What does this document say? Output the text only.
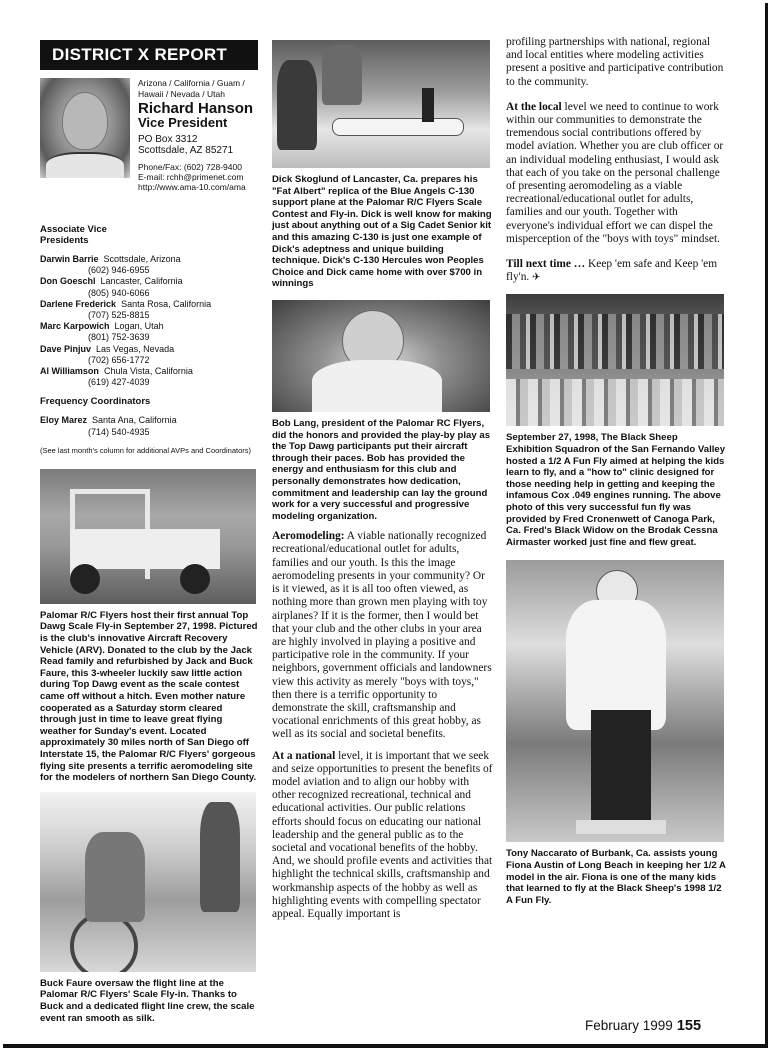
DISTRICT X REPORT
Arizona / California / Guam / Hawaii / Nevada / Utah
Richard Hanson
Vice President
PO Box 3312
Scottsdale, AZ 85271
Phone/Fax: (602) 728-9400
E-mail: rchh@primenet.com
http://www.ama-10.com/ama
Associate Vice Presidents
Darwin Barrie Scottsdale, Arizona
(602) 946-6955
Don Goeschl Lancaster, California
(805) 940-6066
Darlene Frederick Santa Rosa, California
(707) 525-8815
Marc Karpowich Logan, Utah
(801) 752-3639
Dave Pinjuv Las Vegas, Nevada
(702) 656-1772
Al Williamson Chula Vista, California
(619) 427-4039
Frequency Coordinators
Eloy Marez Santa Ana, California
(714) 540-4935
(See last month's column for additional AVPs and Coordinators)
Palomar R/C Flyers host their first annual Top Dawg Scale Fly-in September 27, 1998. Pictured is the club's innovative Aircraft Recovery Vehicle (ARV). Donated to the club by the Jack Read family and refurbished by Jack and Buck Faure, this 3-wheeler luckily saw little action during Top Dawg event as the scale contest came off without a hitch. Even mother nature cooperated as a Saturday storm cleared through just in time to leave great flying weather for Sunday's event. Located approximately 30 miles north of San Diego off Interstate 15, the Palomar R/C Flyers' gorgeous flying site presents a terrific aeromodeling site for the modelers of northern San Diego County.
Buck Faure oversaw the flight line at the Palomar R/C Flyers' Scale Fly-in. Thanks to Buck and a dedicated flight line crew, the scale event ran smooth as silk.
Dick Skoglund of Lancaster, Ca. prepares his "Fat Albert" replica of the Blue Angels C-130 support plane at the Palomar R/C Flyers Scale Contest and Fly-in. Dick is well know for making just about anything out of a Sig Cadet Senior kit and this amazing C-130 is just one example of Dick's adeptness and unique building technique. Dick's C-130 Hercules won Peoples Choice and Dick came home with over $700 in winnings
Bob Lang, president of the Palomar RC Flyers, did the honors and provided the play-by play as the Top Dawg participants put their aircraft through their paces. Bob has provided the energy and enthusiasm for this club and personally demonstrates how dedication, commitment and leadership can lay the ground work for a very successful and progressive modeling organization.
Aeromodeling: A viable nationally recognized recreational/educational outlet for adults, families and our youth. Is this the image aeromodeling presents in your community? Or is it viewed, as it is all too often viewed, as nothing more than grown men playing with toy airplanes? If it is the former, then I would bet that your club and the other clubs in your area are highly involved in playing a positive and participative role in the community. If your neighbors, government officials and landowners view this activity as merely "boys with toys," then there is a terrific opportunity to demonstrate the skill, craftsmanship and vocational enrichments of this great hobby, as well as its social and societal benefits.
At a national level, it is important that we seek and seize opportunities to present the benefits of model aviation and to align our hobby with other recognized recreational, technical and educational activities. Our public relations efforts should focus on educating our national leadership and the general public as to the societal and vocational benefits of the hobby. And, we should profile events and activities that highlight the technical skills, craftsmanship and workmanship aspects of the hobby as well as highlighting events with compelling spectator appeal. Equally important is
profiling partnerships with national, regional and local entities where modeling activities present a positive and participative contribution to the community.
At the local level we need to continue to work within our communities to demonstrate the tremendous social contributions offered by model aviation. Whether you are club officer or an individual modeling enthusiast, I would ask that each of you take on the personal challenge of presenting aeromodeling as a viable recreational/educational outlet for adults, families and our youth. Together with everyone's individual effort we can dispel the misperception of the "boys with toys" mindset.
Till next time … Keep 'em safe and Keep 'em fly'n. ✈
September 27, 1998, The Black Sheep Exhibition Squadron of the San Fernando Valley hosted a 1/2 A Fun Fly aimed at helping the kids learn to fly, and a "how to" clinic designed for those needing help in getting and keeping the infamous Cox .049 engines running. The above photo of this very successful fun fly was provided by Fred Cronenwett of Canoga Park, Ca. Fred's Black Widow on the Brodak Cessna Airmaster worked just fine and flew great.
Tony Naccarato of Burbank, Ca. assists young Fiona Austin of Long Beach in keeping her 1/2 A model in the air. Fiona is one of the many kids that learned to fly at the Black Sheep's 1998 1/2 A Fun Fly.
February 1999 155
